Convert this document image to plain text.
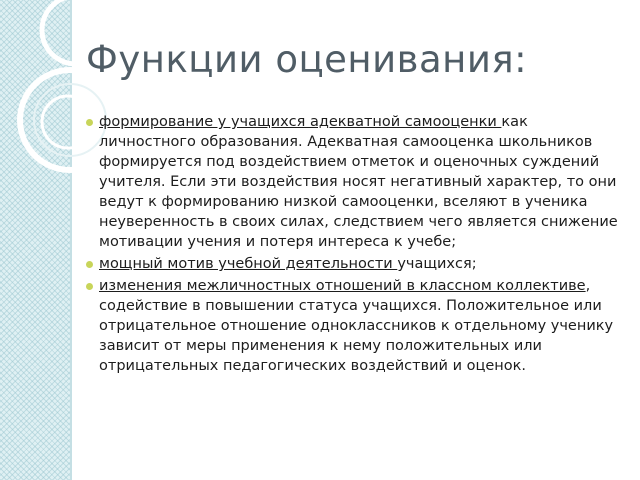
Функции оценивания:
формирование у учащихся адекватной самооценки как личностного образования. Адекватная самооценка школьников формируется под воздействием отметок и оценочных суждений учителя. Если эти воздействия носят негативный характер, то они ведут к формированию низкой самооценки, вселяют в ученика неуверенность в своих силах, следствием чего является снижение мотивации учения и потеря интереса к учебе;
мощный мотив учебной деятельности учащихся;
изменения межличностных отношений в классном коллективе, содействие в повышении статуса учащихся. Положительное или отрицательное отношение одноклассников к отдельному ученику зависит от меры применения к нему положительных или отрицательных педагогических воздействий и оценок.
